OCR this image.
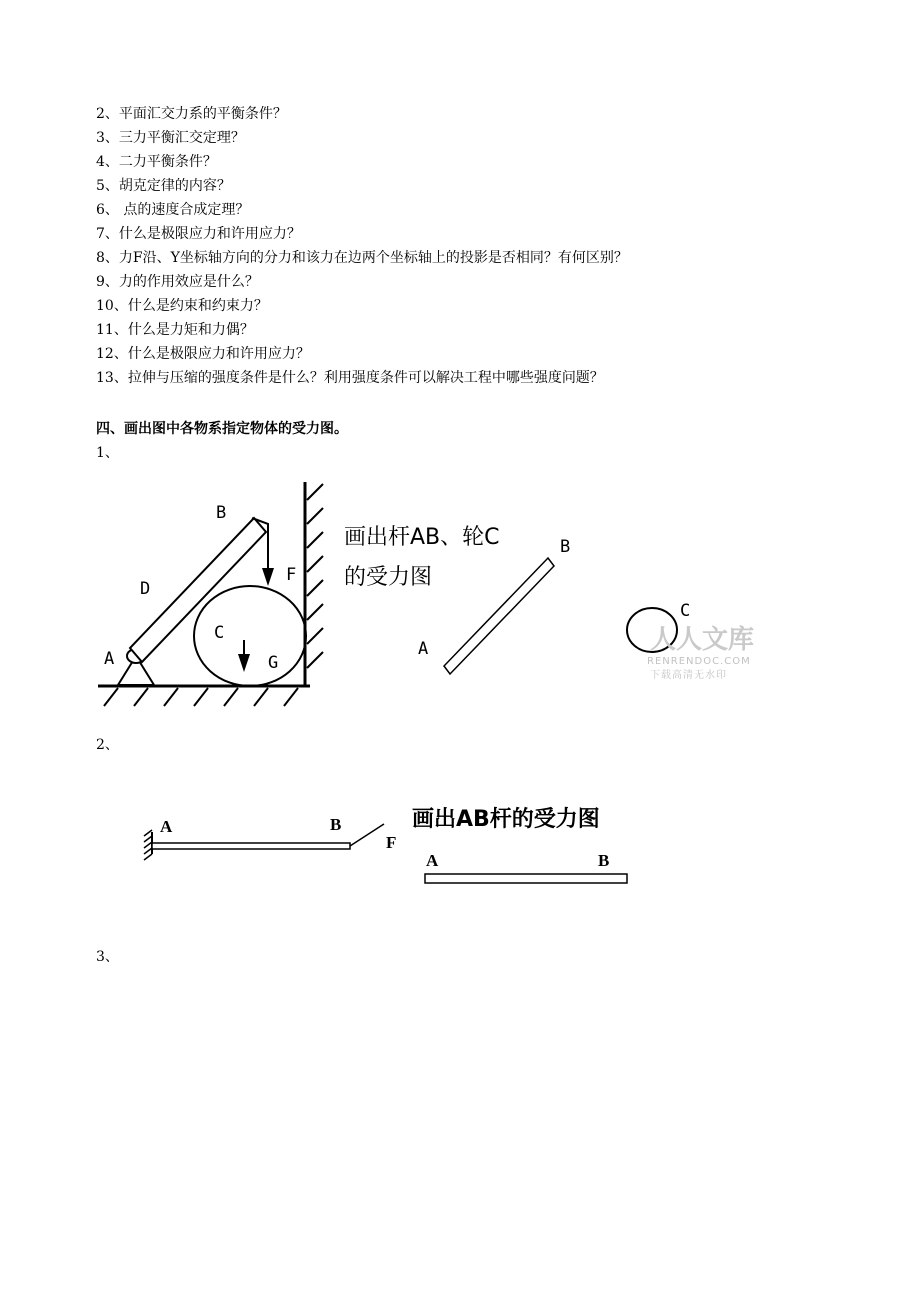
2、平面汇交力系的平衡条件？
3、三力平衡汇交定理？
4、二力平衡条件？
5、胡克定律的内容？
6、 点的速度合成定理？
7、什么是极限应力和许用应力？
8、力F沿、Y坐标轴方向的分力和该力在边两个坐标轴上的投影是否相同？有何区别？
9、力的作用效应是什么？
10、什么是约束和约束力？
11、什么是力矩和力偶？
12、什么是极限应力和许用应力？
13、拉伸与压缩的强度条件是什么？利用强度条件可以解决工程中哪些强度问题？
四、画出图中各物系指定物体的受力图。
1、
A
B
C
D
F
G
画出杆AB、轮C
的受力图
A
B
C
人人文库
RENRENDOC.COM
下载高清无水印
2、
A	B
F
画出AB杆的受力图
A	B
3、
